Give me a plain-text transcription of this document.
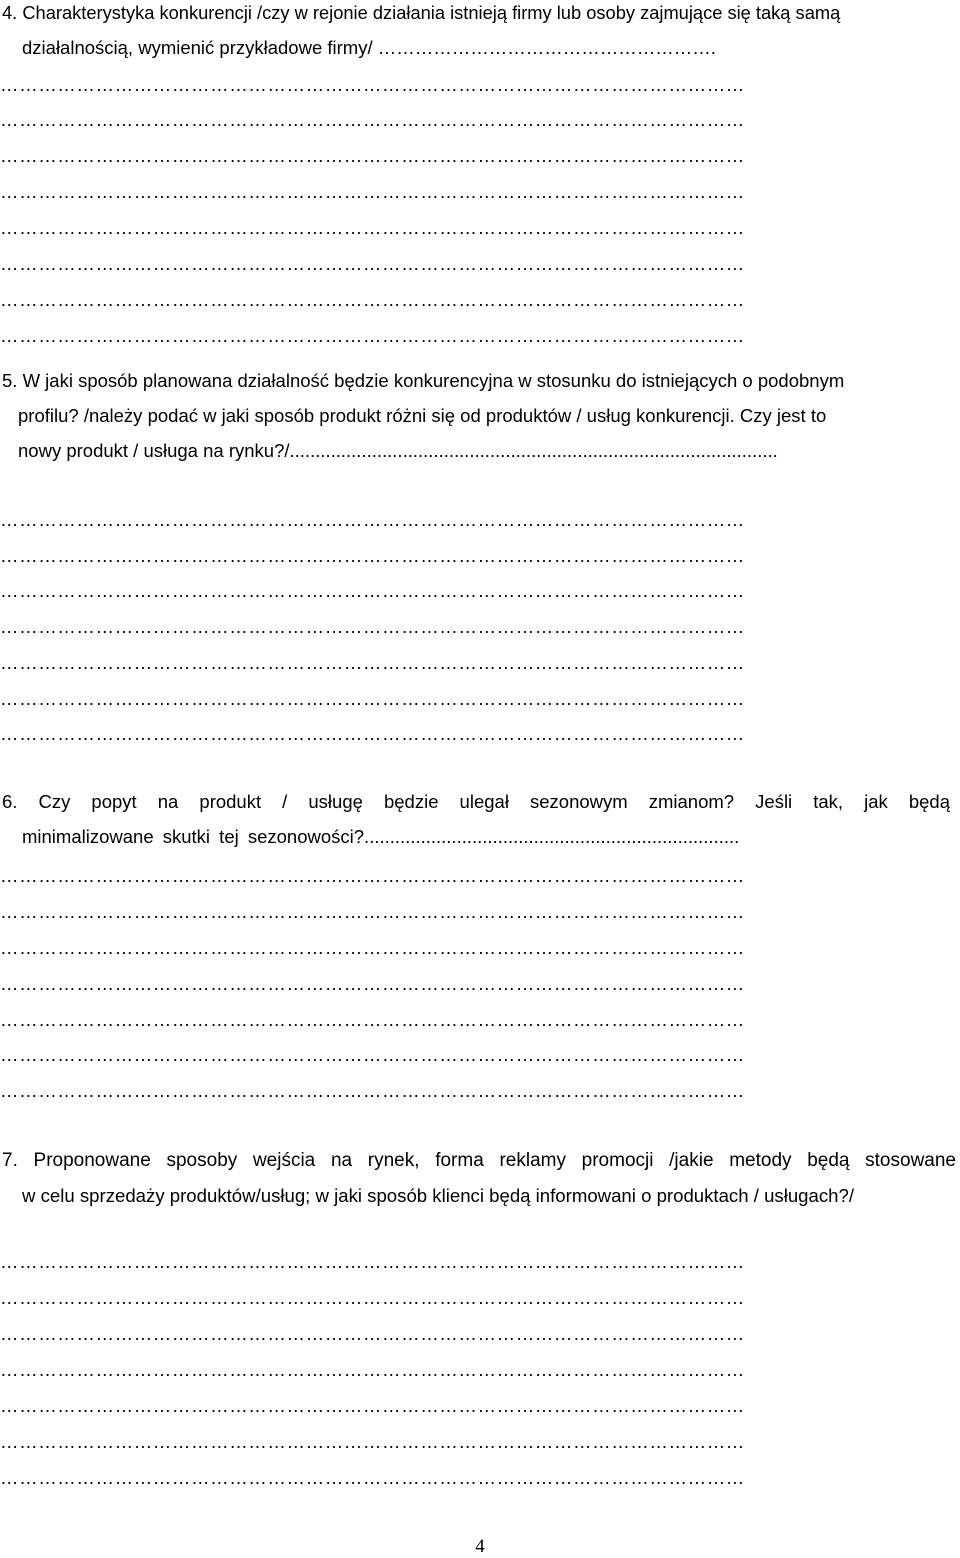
4. Charakterystyka konkurencji /czy w rejonie działania istnieją firmy lub osoby zajmujące się taką samą
działalnością, wymienić przykładowe firmy/ ……………………………………………….
………………………………………………………………………………………………………
………………………………………………………………………………………………………
………………………………………………………………………………………………………
………………………………………………………………………………………………………
………………………………………………………………………………………………………
………………………………………………………………………………………………………
………………………………………………………………………………………………………
………………………………………………………………………………………………………
5. W jaki sposób planowana działalność będzie konkurencyjna w stosunku do istniejących o podobnym
profilu? /należy podać w jaki sposób produkt różni się od produktów / usług konkurencji. Czy jest to
nowy produkt / usługa na rynku?/...............................................................................................
………………………………………………………………………………………………………
………………………………………………………………………………………………………
………………………………………………………………………………………………………
………………………………………………………………………………………………………
………………………………………………………………………………………………………
………………………………………………………………………………………………………
………………………………………………………………………………………………………
6. Czy popyt na produkt / usługę będzie ulegał sezonowym zmianom? Jeśli tak, jak będą
minimalizowane skutki tej sezonowości?.........................................................................
………………………………………………………………………………………………………
………………………………………………………………………………………………………
………………………………………………………………………………………………………
………………………………………………………………………………………………………
………………………………………………………………………………………………………
………………………………………………………………………………………………………
………………………………………………………………………………………………………
7. Proponowane sposoby wejścia na rynek, forma reklamy promocji /jakie metody będą stosowane
w celu sprzedaży produktów/usług; w jaki sposób klienci będą informowani o produktach / usługach?/
………………………………………………………………………………………………………
………………………………………………………………………………………………………
………………………………………………………………………………………………………
………………………………………………………………………………………………………
………………………………………………………………………………………………………
………………………………………………………………………………………………………
………………………………………………………………………………………………………
4
